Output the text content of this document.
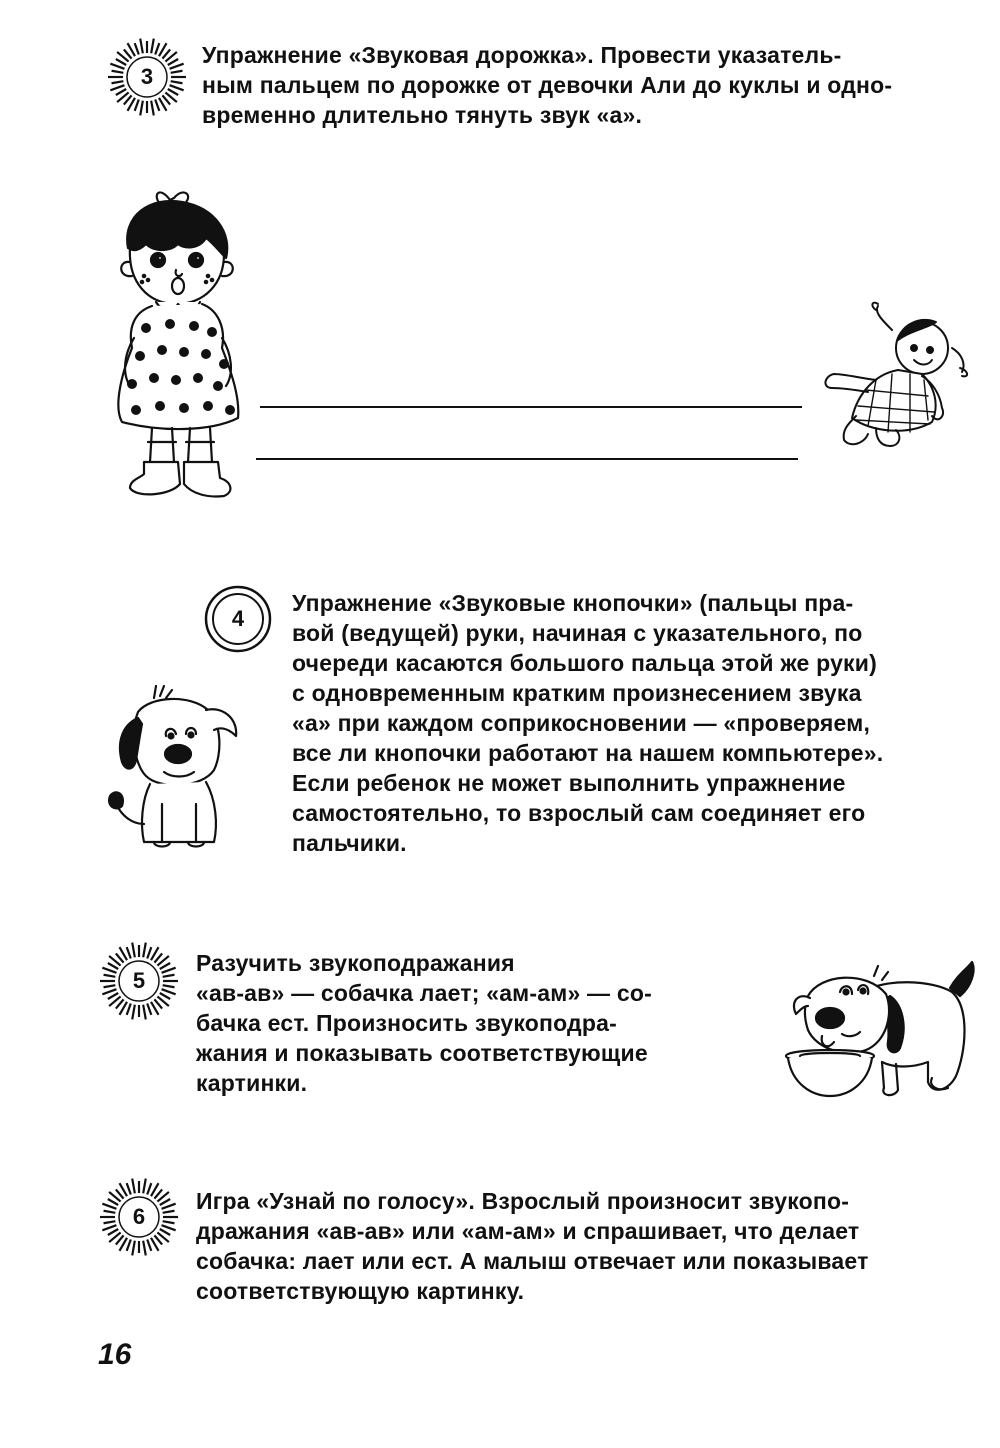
3
Упражнение «Звуковая дорожка». Провести указатель-
ным пальцем по дорожке от девочки Али до куклы и одно-
временно длительно тянуть звук «а».
4
Упражнение «Звуковые кнопочки» (пальцы пра-
вой (ведущей) руки, начиная с указательного, по
очереди касаются большого пальца этой же руки)
с одновременным кратким произнесением звука
«а» при каждом соприкосновении — «проверяем,
все ли кнопочки работают на нашем компьютере».
Если ребенок не может выполнить упражнение
самостоятельно, то взрослый сам соединяет его
пальчики.
5
Разучить звукоподражания
«ав-ав» — собачка лает; «ам-ам» — со-
бачка ест. Произносить звукоподра-
жания и показывать соответствующие
картинки.
6
Игра «Узнай по голосу». Взрослый произносит звукопо-
дражания «ав-ав» или «ам-ам» и спрашивает, что делает
собачка: лает или ест. А малыш отвечает или показывает
соответствующую картинку.
16
